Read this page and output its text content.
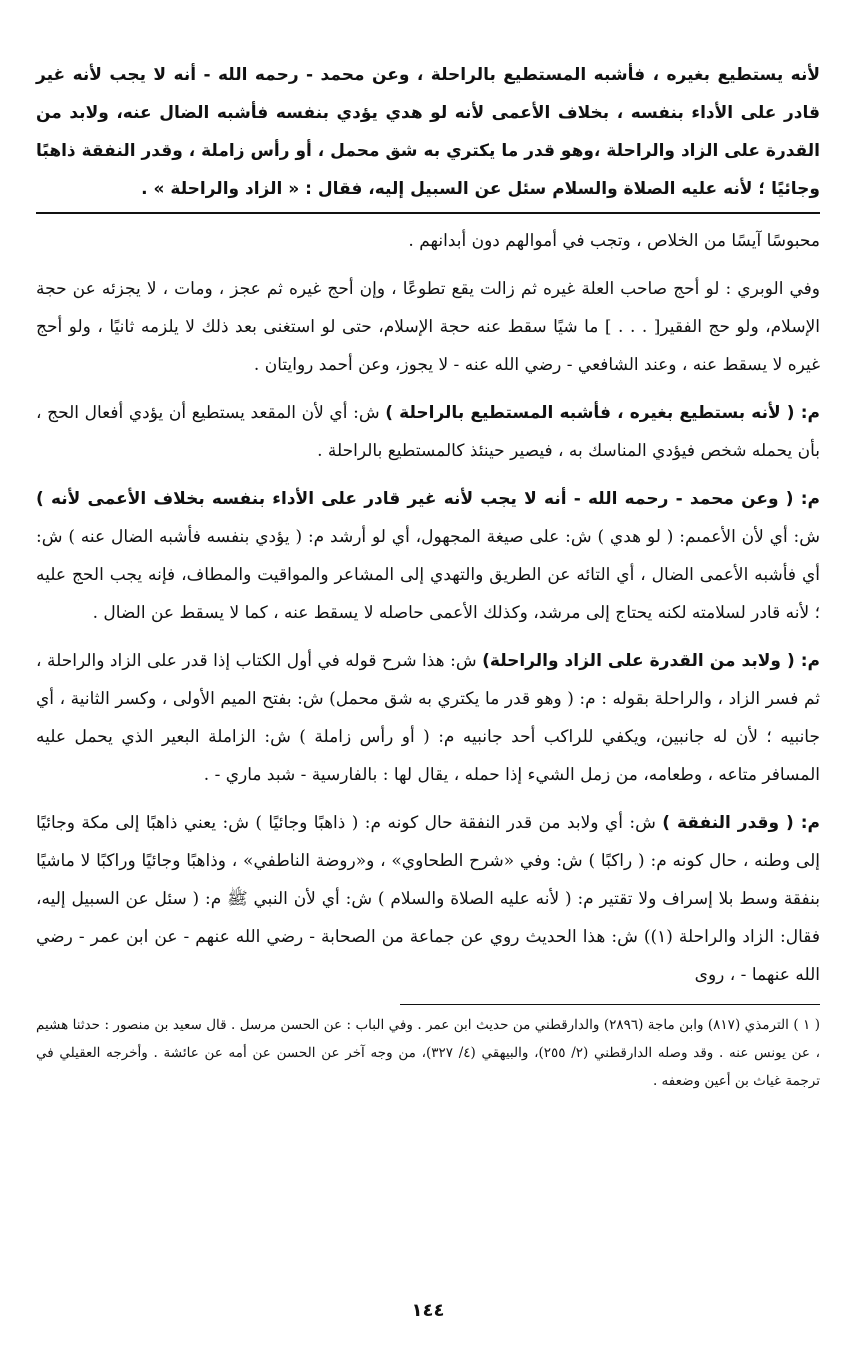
لأنه يستطيع بغيره ، فأشبه المستطيع بالراحلة ، وعن محمد - رحمه الله - أنه لا يجب لأنه غير قادر على الأداء بنفسه ، بخلاف الأعمى لأنه لو هدي يؤدي بنفسه فأشبه الضال عنه، ولابد من القدرة على الزاد والراحلة ،وهو قدر ما يكتري به شق محمل ، أو رأس زاملة ، وقدر النفقة ذاهبًا وجائيًا ؛ لأنه عليه الصلاة والسلام سئل عن السبيل إليه، فقال : « الزاد والراحلة » .

محبوسًا آيسًا من الخلاص ، وتجب في أموالهم دون أبدانهم .

وفي الوبري : لو أحج صاحب العلة غيره ثم زالت يقع تطوعًا ، وإن أحج غيره ثم عجز ، ومات ، لا يجزئه عن حجة الإسلام، ولو حج الفقير[ . . . ] ما شيًا سقط عنه حجة الإسلام، حتى لو استغنى بعد ذلك لا يلزمه ثانيًا ، ولو أحج غيره لا يسقط عنه ، وعند الشافعي - رضي الله عنه - لا يجوز، وعن أحمد روايتان .

م: ( لأنه بستطيع بغيره ، فأشبه المستطيع بالراحلة ) ش: أي لأن المقعد يستطيع أن يؤدي أفعال الحج ، بأن يحمله شخص فيؤدي المناسك به ، فيصير حينئذ كالمستطيع بالراحلة .

م: ( وعن محمد - رحمه الله - أنه لا يجب لأنه غير قادر على الأداء بنفسه بخلاف الأعمى لأنه ) ش: أي لأن الأعمىم: ( لو هدي ) ش: على صيغة المجهول، أي لو أرشد م: ( يؤدي بنفسه فأشبه الضال عنه ) ش: أي فأشبه الأعمى الضال ، أي التائه عن الطريق والتهدي إلى المشاعر والمواقيت والمطاف، فإنه يجب الحج عليه ؛ لأنه قادر لسلامته لكنه يحتاج إلى مرشد، وكذلك الأعمى حاصله لا يسقط عنه ، كما لا يسقط عن الضال .

م: ( ولابد من القدرة على الزاد والراحلة) ش: هذا شرح قوله في أول الكتاب إذا قدر على الزاد والراحلة ، ثم فسر الزاد ، والراحلة بقوله : م: ( وهو قدر ما يكتري به شق محمل) ش: بفتح الميم الأولى ، وكسر الثانية ، أي جانبيه ؛ لأن له جانبين، ويكفي للراكب أحد جانبيه م: ( أو رأس زاملة ) ش: الزاملة البعير الذي يحمل عليه المسافر متاعه ، وطعامه، من زمل الشيء إذا حمله ، يقال لها : بالفارسية - شبد ماري - .

م: ( وقدر النفقة ) ش: أي ولابد من قدر النفقة حال كونه م: ( ذاهبًا وجائيًا ) ش: يعني ذاهبًا إلى مكة وجائيًا إلى وطنه ، حال كونه م: ( راكبًا ) ش: وفي «شرح الطحاوي» ، و«روضة الناطفي» ، وذاهبًا وجائيًا وراكبًا لا ماشيًا بنفقة وسط بلا إسراف ولا تقتير م: ( لأنه عليه الصلاة والسلام ) ش: أي لأن النبي ﷺ م: ( سئل عن السبيل إليه، فقال: الزاد والراحلة (١)) ش: هذا الحديث روي عن جماعة من الصحابة - رضي الله عنهم - عن ابن عمر - رضي الله عنهما - ، روى

( ١ ) الترمذي (٨١٧) وابن ماجة (٢٨٩٦) والدارقطني من حديث ابن عمر . وفي الباب : عن الحسن مرسل . قال سعيد بن منصور : حدثنا هشيم ، عن يونس عنه . وقد وصله الدارقطني (٢/ ٢٥٥)، والبيهقي (٤/ ٣٢٧)، من وجه آخر عن الحسن عن أمه عن عائشة . وأخرجه العقيلي في ترجمة غياث بن أعين وضعفه .
١٤٤
